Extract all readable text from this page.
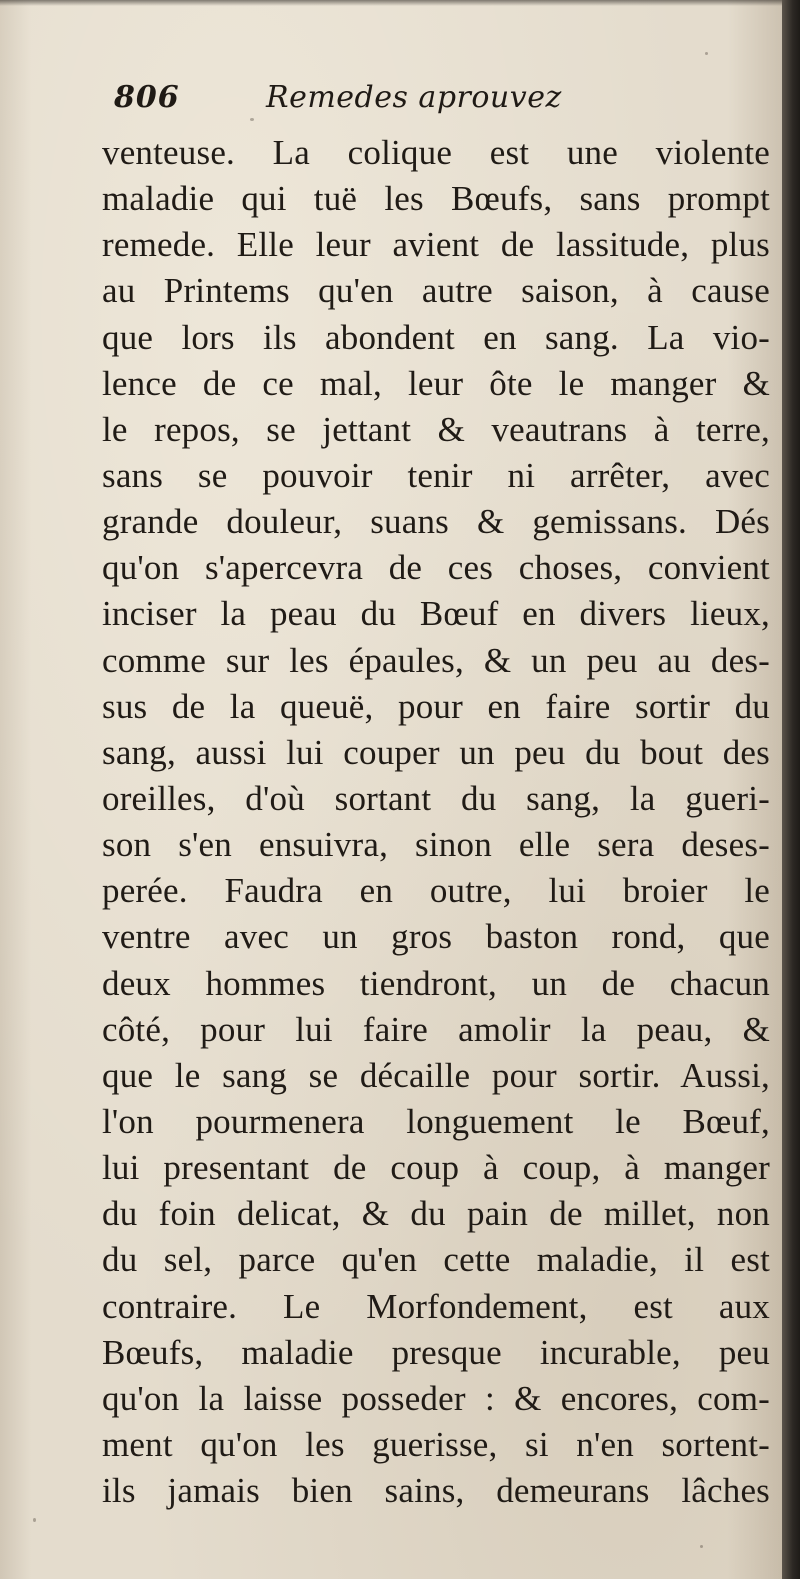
806	Remedes aprouvez
venteuse. La colique est une violente
maladie qui tuë les Bœufs, sans prompt
remede. Elle leur avient de lassitude, plus
au Printems qu'en autre saison, à cause
que lors ils abondent en sang. La vio-
lence de ce mal, leur ôte le manger &
le repos, se jettant & veautrans à terre,
sans se pouvoir tenir ni arrêter, avec
grande douleur, suans & gemissans. Dés
qu'on s'apercevra de ces choses, convient
inciser la peau du Bœuf en divers lieux,
comme sur les épaules, & un peu au des-
sus de la queuë, pour en faire sortir du
sang, aussi lui couper un peu du bout des
oreilles, d'où sortant du sang, la gueri-
son s'en ensuivra, sinon elle sera deses-
perée. Faudra en outre, lui broier le
ventre avec un gros baston rond, que
deux hommes tiendront, un de chacun
côté, pour lui faire amolir la peau, &
que le sang se décaille pour sortir. Aussi,
l'on pourmenera longuement le Bœuf,
lui presentant de coup à coup, à manger
du foin delicat, & du pain de millet, non
du sel, parce qu'en cette maladie, il est
contraire. Le Morfondement, est aux
Bœufs, maladie presque incurable, peu
qu'on la laisse posseder : & encores, com-
ment qu'on les guerisse, si n'en sortent-
ils jamais bien sains, demeurans lâches
